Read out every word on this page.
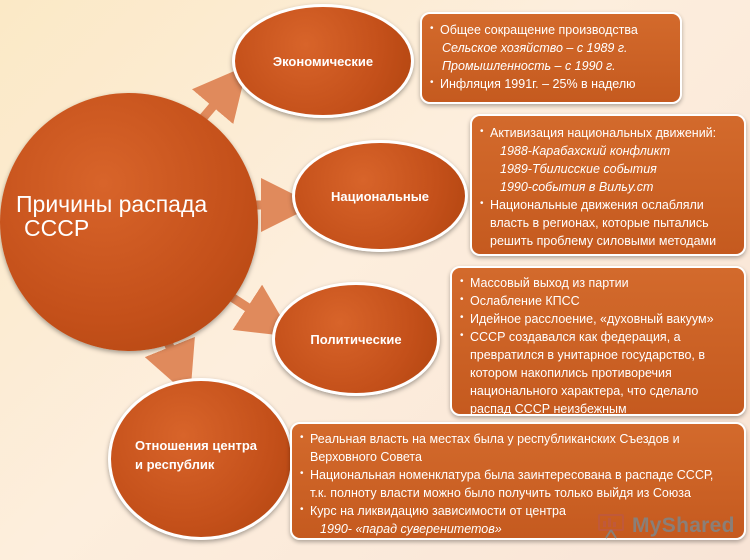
Причины распада
СССР
Экономические
• Общее сокращение производства
Сельское хозяйство – с 1989 г.
Промышленность – с 1990 г.
• Инфляция 1991г. – 25% в наделю
Национальные
• Активизация национальных движений:
1988-Карабахский конфликт
1989-Тбилисские события
1990-события в Вильу.ст
• Национальные движения ослабляли
власть в регионах, которые пытались
решить проблему силовыми методами
Политические
• Массовый выход из партии
• Ослабление КПСС
• Идейное расслоение, «духовный вакуум»
• СССР создавался как федерация, а
превратился в унитарное государство, в
котором накопились противоречия
национального характера, что сделало
распад СССР неизбежным
Отношения центра
и республик
• Реальная власть на местах была у республиканских Съездов и
Верховного Совета
• Национальная номенклатура была заинтересована в распаде СССР,
т.к. полноту власти можно было получить только выйдя из Союза
• Курс на ликвидацию зависимости от центра
1990- «парад суверенитетов»	MyShared
